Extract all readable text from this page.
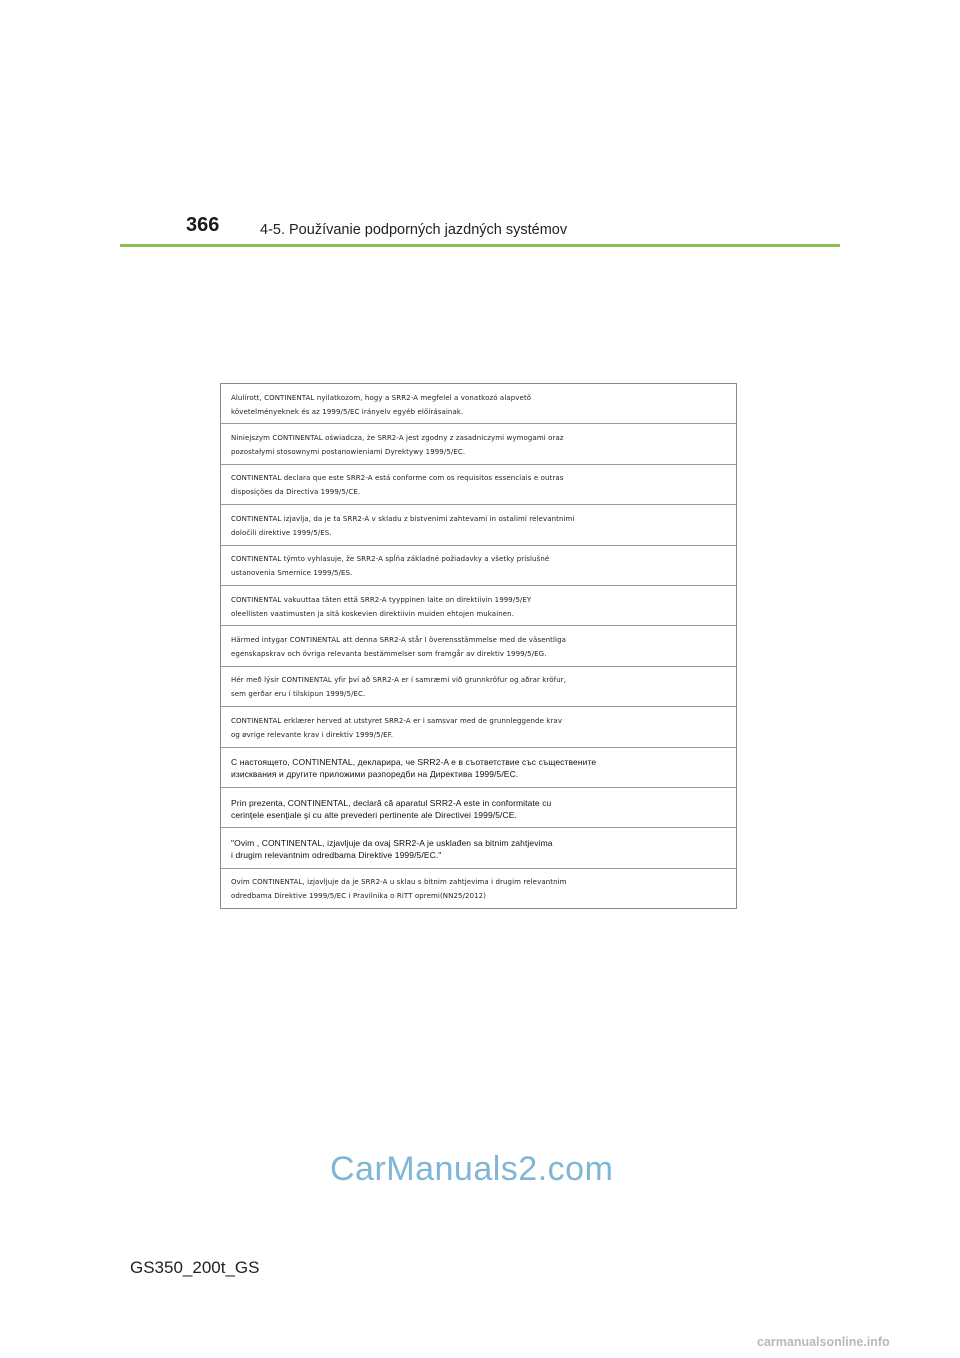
366	4-5. Používanie podporných jazdných systémov

Alulírott, CONTINENTAL nyilatkozom, hogy a SRR2-A megfelel a vonatkozó alapvető

követelményeknek és az 1999/5/EC irányelv egyéb előírásainak.

Niniejszym CONTINENTAL oświadcza, że SRR2-A jest zgodny z zasadniczymi wymogami oraz

pozostałymi stosownymi postanowieniami Dyrektywy 1999/5/EC.

CONTINENTAL declara que este SRR2-A está conforme com os requisitos essenciais e outras

disposições da Directiva 1999/5/CE.

CONTINENTAL izjavlja, da je ta SRR2-A v skladu z bistvenimi zahtevami in ostalimi relevantnimi

določili direktive 1999/5/ES.

CONTINENTAL týmto vyhlasuje, že SRR2-A spĺňa základné požiadavky a všetky príslušné

ustanovenia Smernice 1999/5/ES.

CONTINENTAL vakuuttaa täten että SRR2-A tyyppinen laite on direktiivin 1999/5/EY

oleellisten vaatimusten ja sitä koskevien direktiivin muiden ehtojen mukainen.

Härmed intygar CONTINENTAL att denna SRR2-A står I överensstämmelse med de väsentliga

egenskapskrav och övriga relevanta bestämmelser som framgår av direktiv 1999/5/EG.

Hér með lýsir CONTINENTAL yfir því að SRR2-A er í samræmi við grunnkröfur og aðrar kröfur,

sem gerðar eru í tilskipun 1999/5/EC.

CONTINENTAL erklærer herved at utstyret SRR2-A er i samsvar med de grunnleggende krav

og øvrige relevante krav i direktiv 1999/5/EF.

С настоящето, CONTINENTAL, декларира, че SRR2-A е в съответствие със съществените

изисквания и другите приложими разпоредби на Директива 1999/5/ЕС.

Prin prezenta, CONTINENTAL, declară că aparatul SRR2-A este in conformitate cu

cerinţele esenţiale şi cu alte prevederi pertinente ale Directivei 1999/5/CE.

"Ovim , CONTINENTAL, izjavljuje da ovaj SRR2-A je usklađen sa bitnim zahtjevima

i drugim relevantnim odredbama Direktive 1999/5/EC."

Ovim CONTINENTAL, izjavljuje da je SRR2-A u sklau s bitnim zahtjevima i drugim relevantnim

odredbama Direktive 1999/5/EC i Pravilnika o RiTT opremi(NN25/2012)

CarManuals2.com
GS350_200t_GS
carmanualsonline.info
